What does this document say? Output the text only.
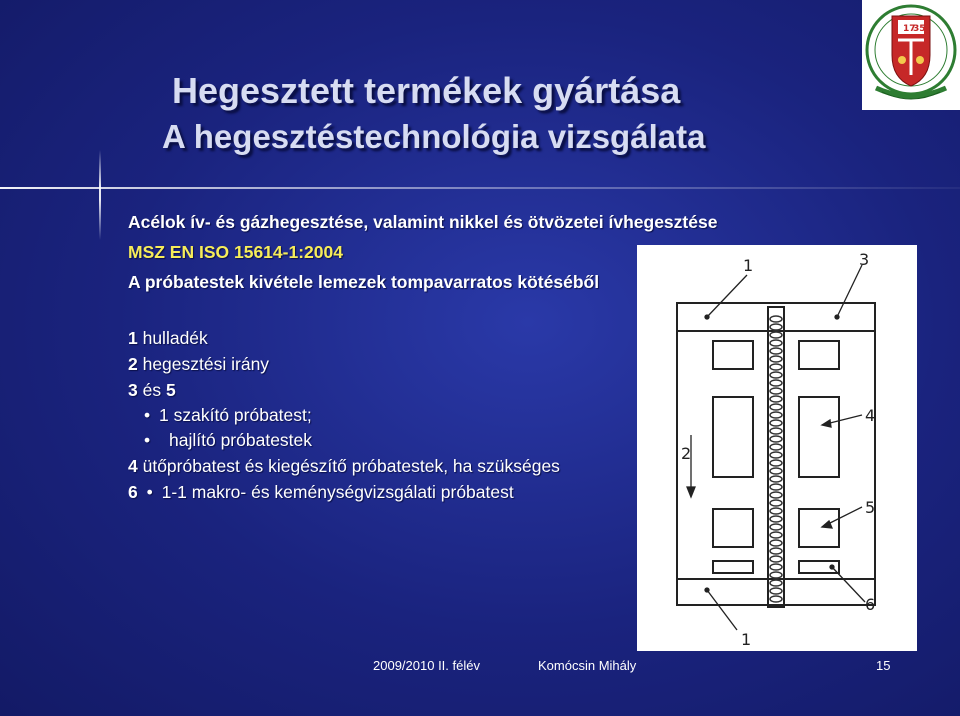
Hegesztett termékek gyártása
A hegesztéstechnológia vizsgálata
17
35
Acélok ív- és gázhegesztése, valamint nikkel és ötvözetei ívhegesztése
MSZ EN ISO 15614-1:2004
A próbatestek kivétele lemezek tompavarratos kötéséből
1 hulladék
2 hegesztési irány
3 és 5
• 1 szakító próbatest;
• hajlító próbatestek
4 ütőpróbatest és kiegészítő próbatestek, ha szükséges
6 • 1-1 makro- és keménységvizsgálati próbatest
1	3
4
2
5
6
1
2009/2010 II. félév	Komócsin Mihály	15
